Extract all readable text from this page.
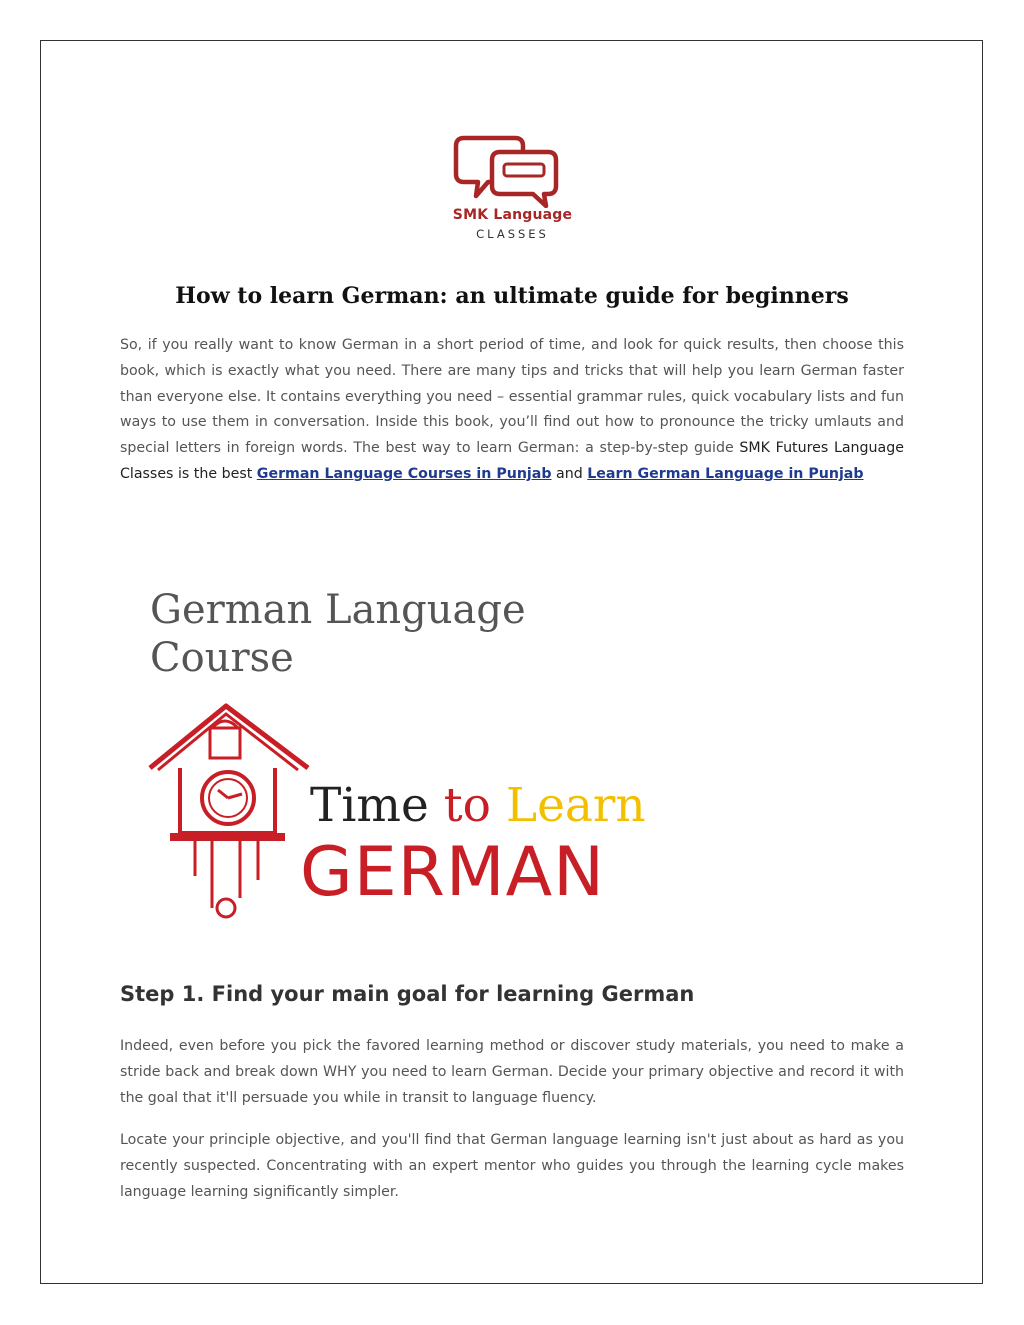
SMK Language
CLASSES
How to learn German: an ultimate guide for beginners

So, if you really want to know German in a short period of time, and look for quick results, then choose this book, which is exactly what you need. There are many tips and tricks that will help you learn German faster than everyone else. It contains everything you need – essential grammar rules, quick vocabulary lists and fun ways to use them in conversation. Inside this book, you’ll find out how to pronounce the tricky umlauts and special letters in foreign words. The best way to learn German: a step-by-step guide SMK Futures Language Classes is the best German Language Courses in Punjab and Learn German Language in Punjab

German Language
Course
Time to Learn
GERMAN
Step 1. Find your main goal for learning German

Indeed, even before you pick the favored learning method or discover study materials, you need to make a stride back and break down WHY you need to learn German. Decide your primary objective and record it with the goal that it'll persuade you while in transit to language fluency.

Locate your principle objective, and you'll find that German language learning isn't just about as hard as you recently suspected. Concentrating with an expert mentor who guides you through the learning cycle makes language learning significantly simpler.
